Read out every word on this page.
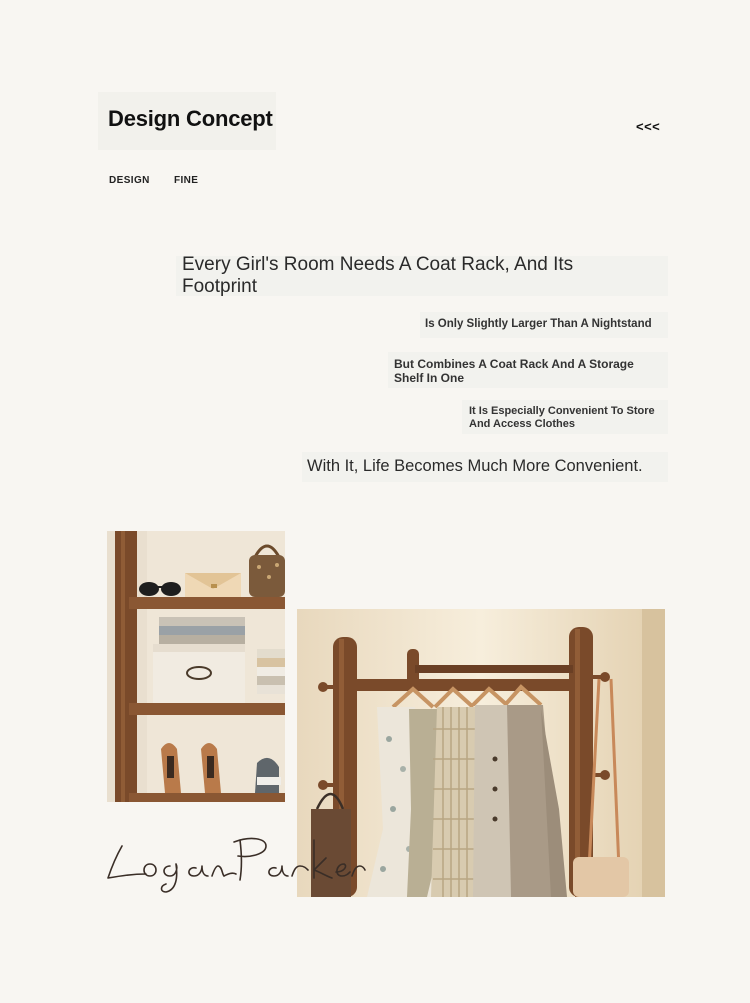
Design Concept	<<<
DESIGN FINE
Every Girl's Room Needs A Coat Rack, And Its Footprint
Is Only Slightly Larger Than A Nightstand
But Combines A Coat Rack And A Storage Shelf In One
It Is Especially Convenient To Store And Access Clothes
With It, Life Becomes Much More Convenient.
